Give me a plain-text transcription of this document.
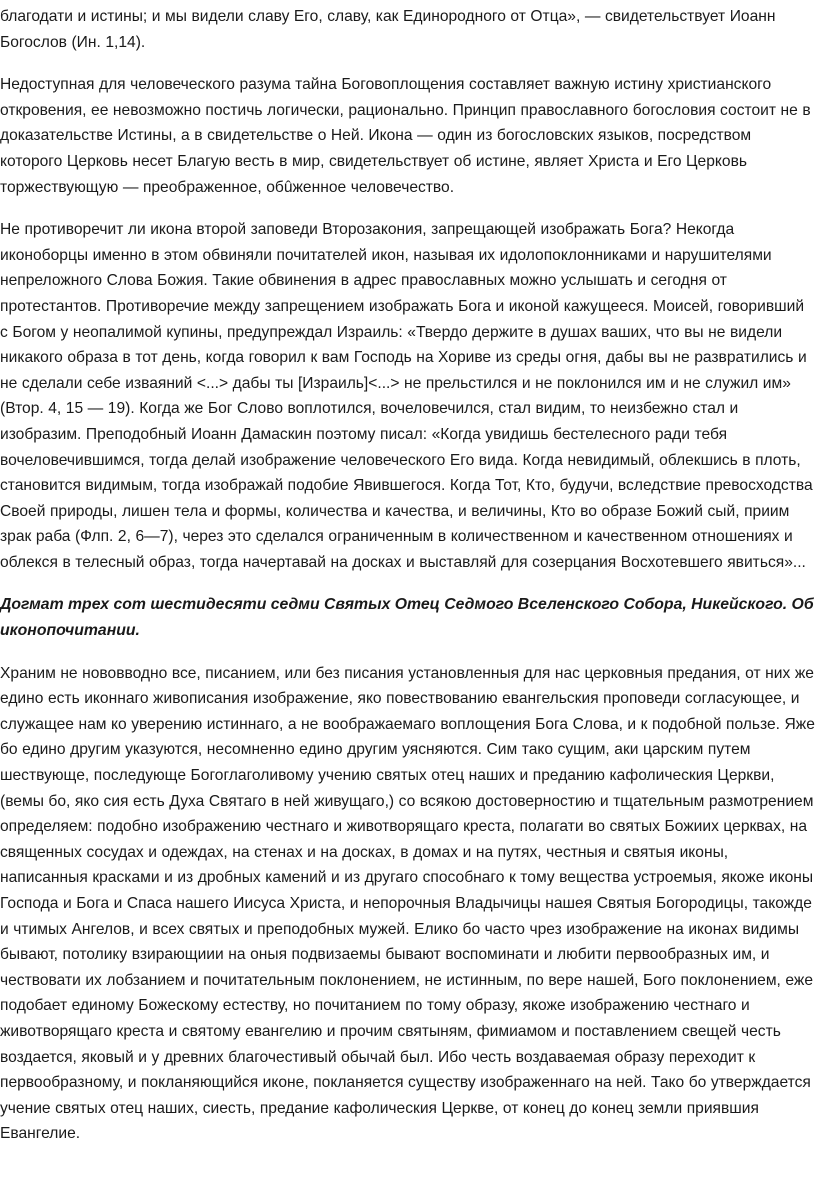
благодати и истины; и мы видели славу Его, славу, как Единородного от Отца», — свидетельствует Иоанн Богослов (Ин. 1,14).

Недоступная для человеческого разума тайна Боговоплощения составляет важную истину христианского откровения, ее невозможно постичь логически, рационально. Принцип православного богословия состоит не в доказательстве Истины, а в свидетельстве о Ней. Икона — один из богословских языков, посредством которого Церковь несет Благую весть в мир, свидетельствует об истине, являет Христа и Его Церковь торжествующую — преображенное, обûженное человечество.

Не противоречит ли икона второй заповеди Второзакония, запрещающей изображать Бога? Некогда иконоборцы именно в этом обвиняли почитателей икон, называя их идолопоклонниками и нарушителями непреложного Слова Божия. Такие обвинения в адрес православных можно услышать и сегодня от протестантов. Противоречие между запрещением изображать Бога и иконой кажущееся. Моисей, говоривший с Богом у неопалимой купины, предупреждал Израиль: «Твердо держите в душах ваших, что вы не видели никакого образа в тот день, когда говорил к вам Господь на Хориве из среды огня, дабы вы не развратились и не сделали себе изваяний <...> дабы ты [Израиль]<...> не прельстился и не поклонился им и не служил им» (Втор. 4, 15 — 19). Когда же Бог Слово воплотился, вочеловечился, стал видим, то неизбежно стал и изобразим. Преподобный Иоанн Дамаскин поэтому писал: «Когда увидишь бестелесного ради тебя вочеловечившимся, тогда делай изображение человеческого Его вида. Когда невидимый, облекшись в плоть, становится видимым, тогда изображай подобие Явившегося. Когда Тот, Кто, будучи, вследствие превосходства Своей природы, лишен тела и формы, количества и качества, и величины, Кто во образе Божий сый, приим зрак раба (Флп. 2, 6—7), через это сделался ограниченным в количественном и качественном отношениях и облекся в телесный образ, тогда начертавай на досках и выставляй для созерцания Восхотевшего явиться»...

Догмат трех сот шестидесяти седми Святых Отец Седмого Вселенского Собора, Никейского. Об иконопочитании.

Храним не нововводно все, писанием, или без писания установленныя для нас церковныя предания, от них же едино есть иконнаго живописания изображение, яко повествованию евангельския проповеди согласующее, и служащее нам ко уверению истиннаго, а не воображаемаго воплощения Бога Слова, и к подобной пользе. Яже бо едино другим указуются, несомненно едино другим уясняются. Сим тако сущим, аки царским путем шествующе, последующе Богоглаголивому учению святых отец наших и преданию кафолическия Церкви, (вемы бо, яко сия есть Духа Святаго в ней живущаго,) со всякою достоверностию и тщательным размотрением определяем: подобно изображению честнаго и животворящаго креста, полагати во святых Божиих церквах, на священных сосудах и одеждах, на стенах и на досках, в домах и на путях, честныя и святыя иконы, написанныя красками и из дробных камений и из другаго способнаго к тому вещества устроемыя, якоже иконы Господа и Бога и Спаса нашего Иисуса Христа, и непорочныя Владычицы нашея Святыя Богородицы, такожде и чтимых Ангелов, и всех святых и преподобных мужей. Елико бо часто чрез изображение на иконах видимы бывают, потолику взирающиии на оныя подвизаемы бывают воспоминати и любити первообразных им, и чествовати их лобзанием и почитательным поклонением, не истинным, по вере нашей, Бого поклонением, еже подобает единому Божескому естеству, но почитанием по тому образу, якоже изображению честнаго и животворящаго креста и святому евангелию и прочим святыням, фимиамом и поставлением свещей честь воздается, яковый и у древних благочестивый обычай был. Ибо честь воздаваемая образу переходит к первообразному, и покланяющийся иконе, покланяется существу изображеннаго на ней. Тако бо утверждается учение святых отец наших, сиесть, предание кафолическия Церкве, от конец до конец земли приявшия Евангелие.
